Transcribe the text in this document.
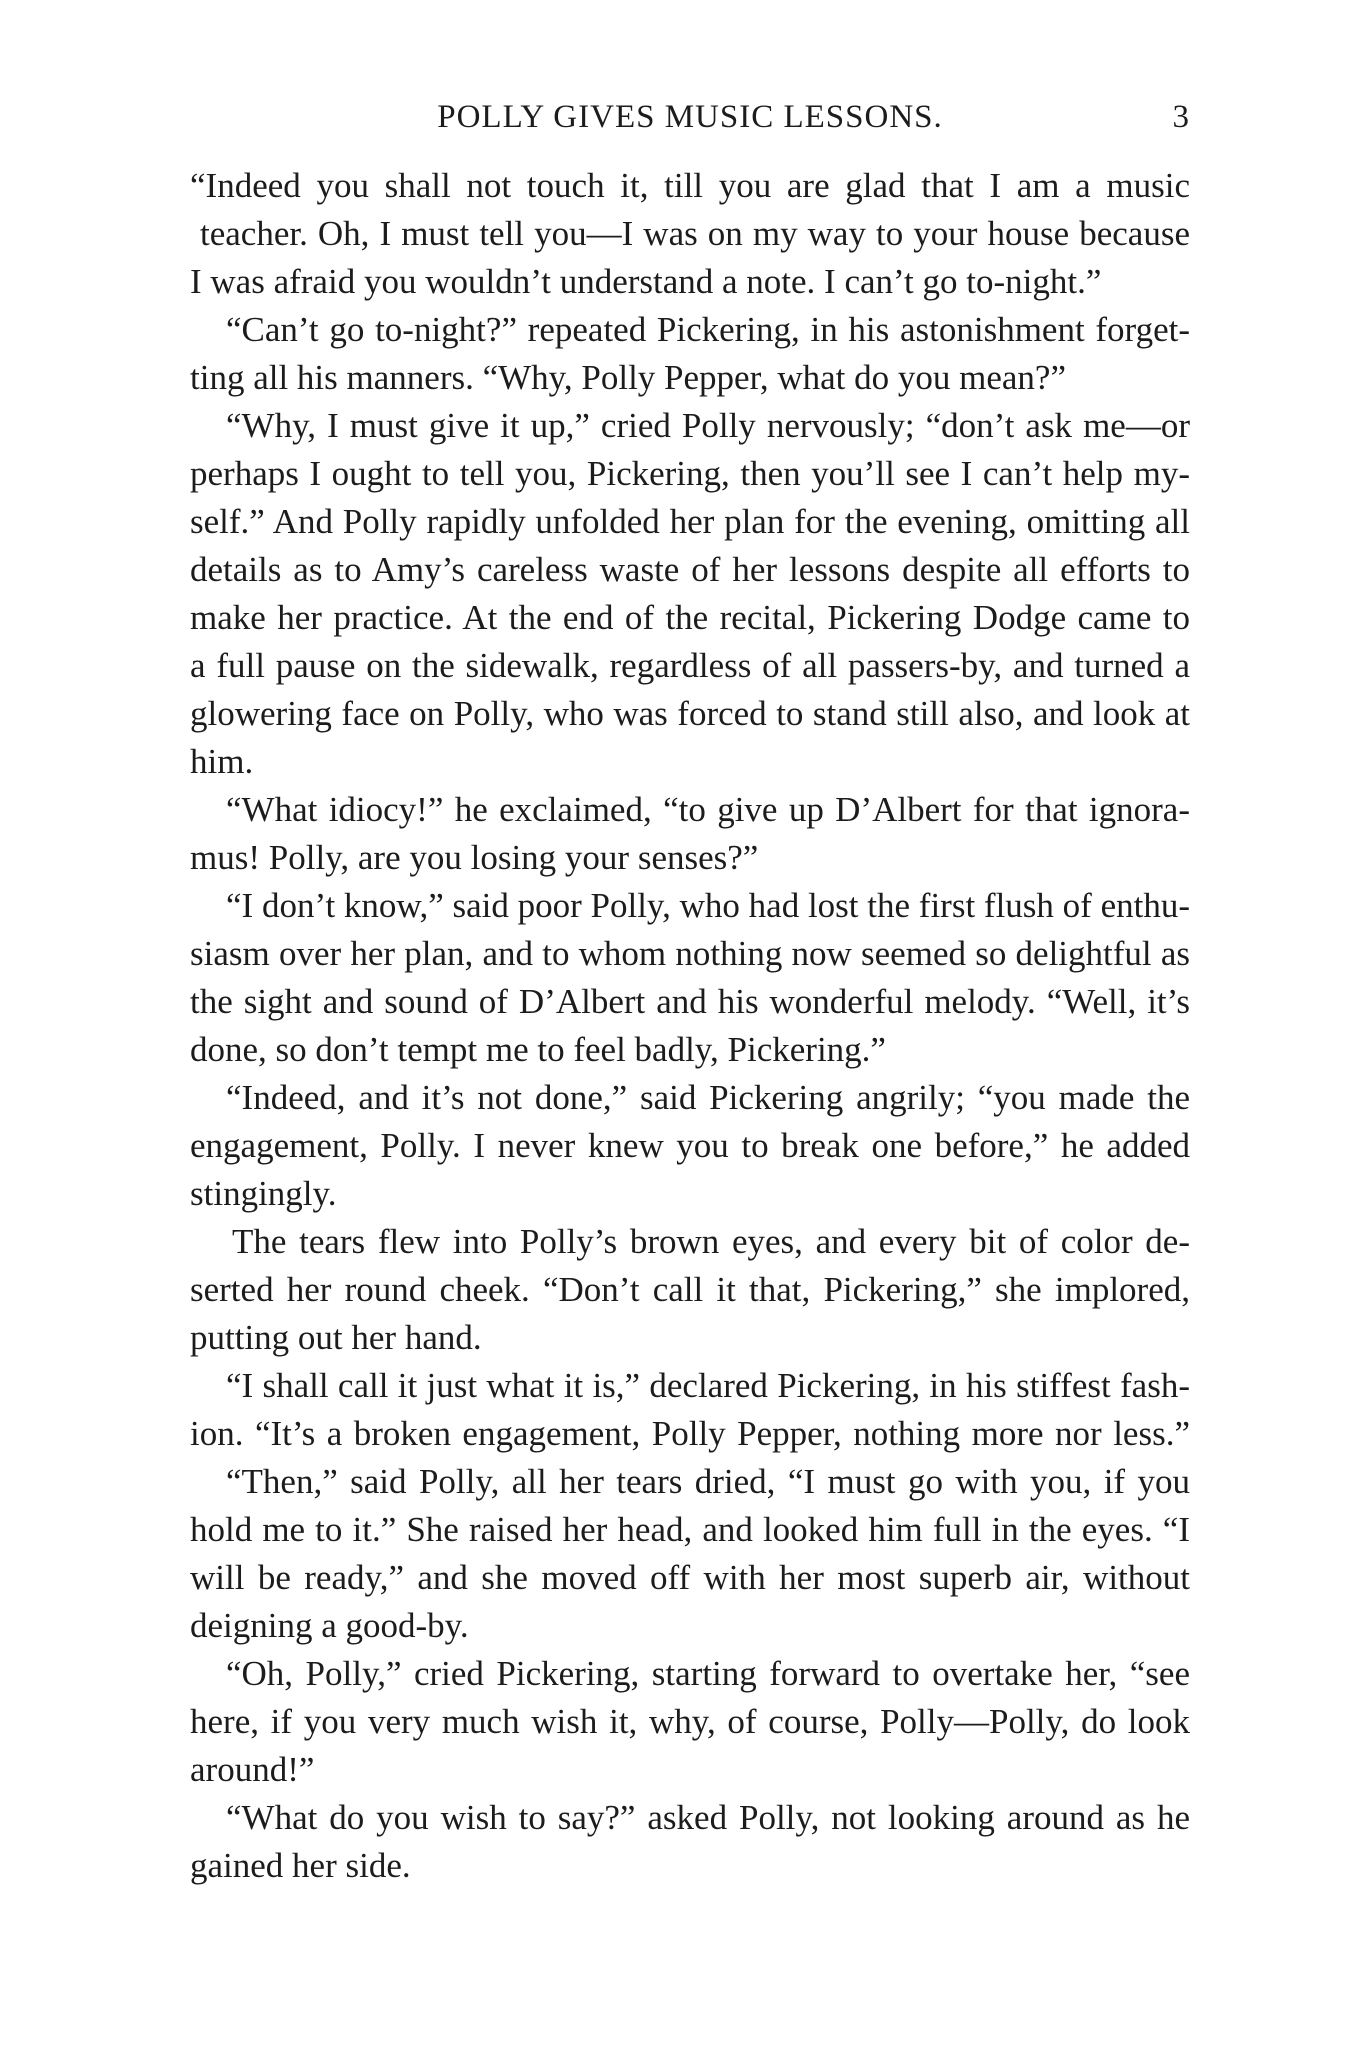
POLLY GIVES MUSIC LESSONS.	3
“Indeed you shall not touch it, till you are glad that I am a music
teacher. Oh, I must tell you—I was on my way to your house because
I was afraid you wouldn’t understand a note. I can’t go to-night.”
“Can’t go to-night?” repeated Pickering, in his astonishment forget-
ting all his manners. “Why, Polly Pepper, what do you mean?”
“Why, I must give it up,” cried Polly nervously; “don’t ask me—or
perhaps I ought to tell you, Pickering, then you’ll see I can’t help my-
self.” And Polly rapidly unfolded her plan for the evening, omitting all
details as to Amy’s careless waste of her lessons despite all efforts to
make her practice. At the end of the recital, Pickering Dodge came to
a full pause on the sidewalk, regardless of all passers-by, and turned a
glowering face on Polly, who was forced to stand still also, and look at
him.
“What idiocy!” he exclaimed, “to give up D’Albert for that ignora-
mus! Polly, are you losing your senses?”
“I don’t know,” said poor Polly, who had lost the first flush of enthu-
siasm over her plan, and to whom nothing now seemed so delightful as
the sight and sound of D’Albert and his wonderful melody. “Well, it’s
done, so don’t tempt me to feel badly, Pickering.”
“Indeed, and it’s not done,” said Pickering angrily; “you made the
engagement, Polly. I never knew you to break one before,” he added
stingingly.
The tears flew into Polly’s brown eyes, and every bit of color de-
serted her round cheek. “Don’t call it that, Pickering,” she implored,
putting out her hand.
“I shall call it just what it is,” declared Pickering, in his stiffest fash-
ion. “It’s a broken engagement, Polly Pepper, nothing more nor less.”
“Then,” said Polly, all her tears dried, “I must go with you, if you
hold me to it.” She raised her head, and looked him full in the eyes. “I
will be ready,” and she moved off with her most superb air, without
deigning a good-by.
“Oh, Polly,” cried Pickering, starting forward to overtake her, “see
here, if you very much wish it, why, of course, Polly—Polly, do look
around!”
“What do you wish to say?” asked Polly, not looking around as he
gained her side.
